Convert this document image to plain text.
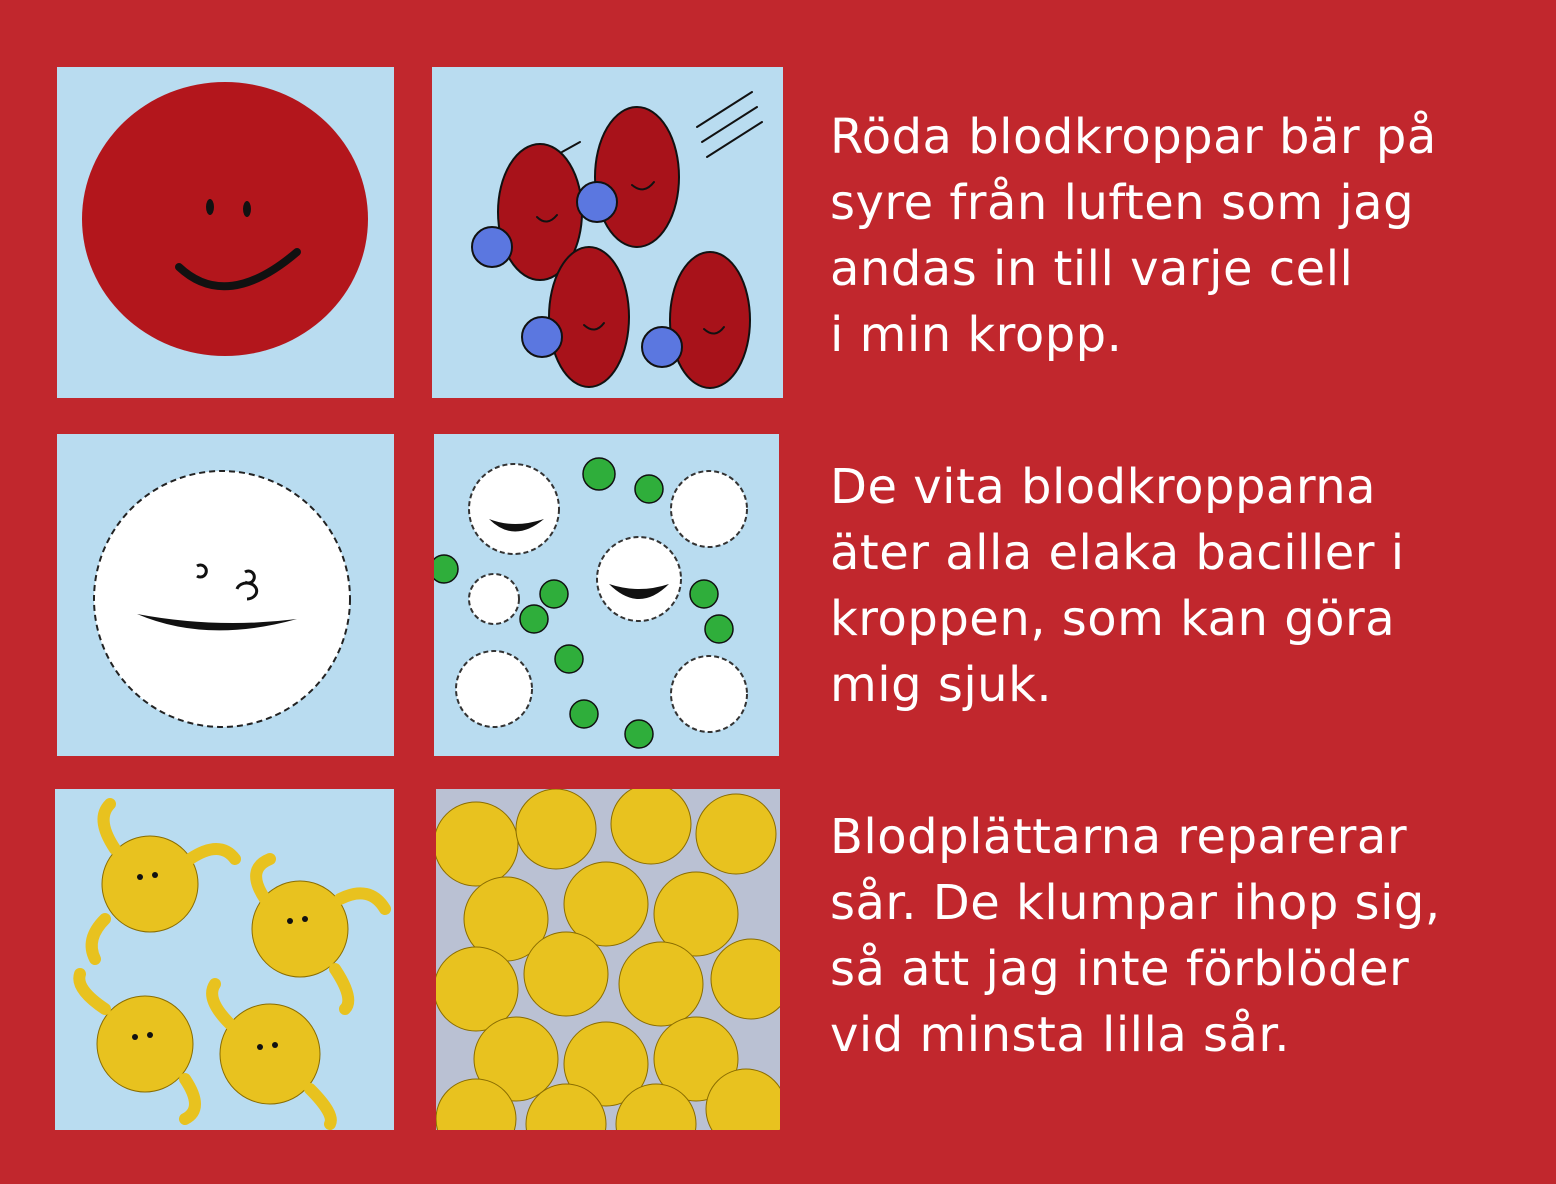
Röda blodkroppar bär på
syre från luften som jag
andas in till varje cell
i min kropp.
De vita blodkropparna
äter alla elaka baciller i
kroppen, som kan göra
mig sjuk.
Blodplättarna reparerar
sår. De klumpar ihop sig,
så att jag inte förblöder
vid minsta lilla sår.
